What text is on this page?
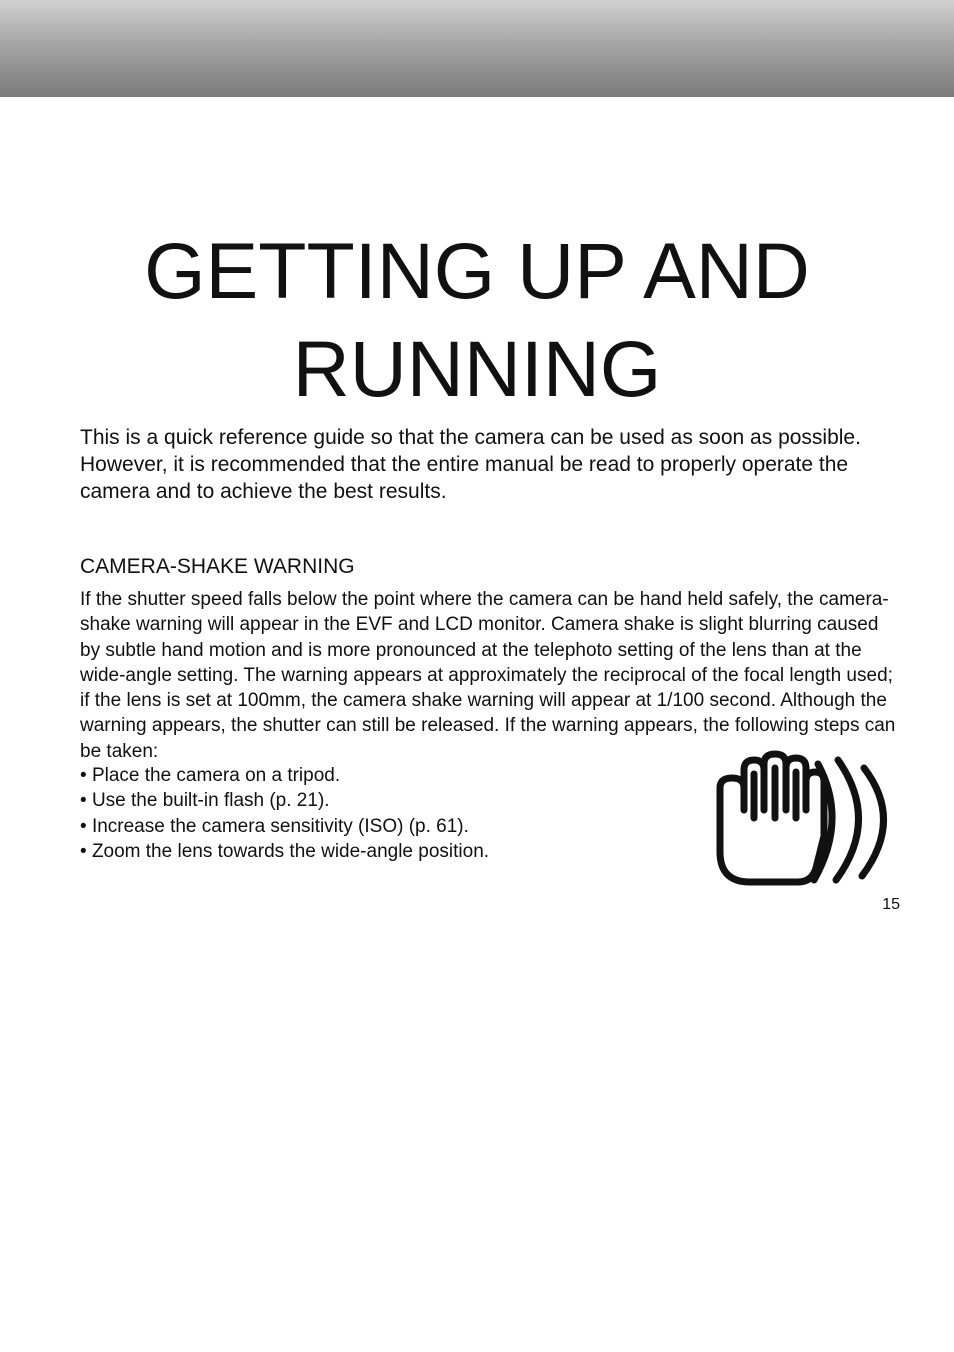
GETTING UP AND RUNNING

This is a quick reference guide so that the camera can be used as soon as possible. However, it is recommended that the entire manual be read to properly operate the camera and to achieve the best results.

CAMERA-SHAKE WARNING

If the shutter speed falls below the point where the camera can be hand held safely, the camera-shake warning will appear in the EVF and LCD monitor. Camera shake is slight blurring caused by subtle hand motion and is more pronounced at the telephoto setting of the lens than at the wide-angle setting. The warning appears at approximately the reciprocal of the focal length used; if the lens is set at 100mm, the camera shake warning will appear at 1/100 second. Although the warning appears, the shutter can still be released. If the warning appears, the following steps can be taken:

• Place the camera on a tripod.
• Use the built-in flash (p. 21).
• Increase the camera sensitivity (ISO) (p. 61).
• Zoom the lens towards the wide-angle position.
15
